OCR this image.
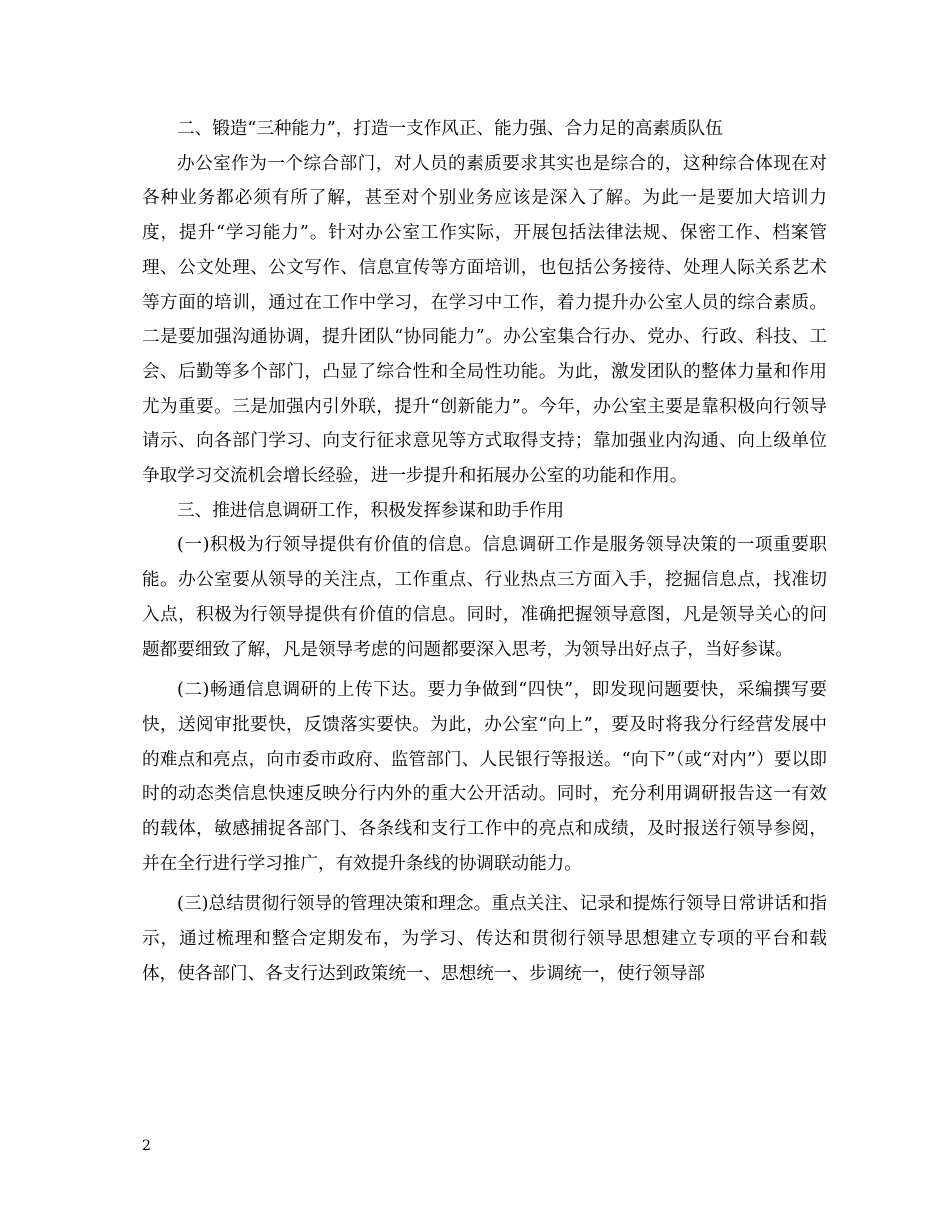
二、锻造“三种能力”，打造一支作风正、能力强、合力足的高素质队伍

办公室作为一个综合部门，对人员的素质要求其实也是综合的，这种综合体现在对各种业务都必须有所了解，甚至对个别业务应该是深入了解。为此一是要加大培训力度，提升“学习能力”。针对办公室工作实际，开展包括法律法规、保密工作、档案管理、公文处理、公文写作、信息宣传等方面培训，也包括公务接待、处理人际关系艺术等方面的培训，通过在工作中学习，在学习中工作，着力提升办公室人员的综合素质。二是要加强沟通协调，提升团队“协同能力”。办公室集合行办、党办、行政、科技、工会、后勤等多个部门，凸显了综合性和全局性功能。为此，激发团队的整体力量和作用尤为重要。三是加强内引外联，提升“创新能力”。今年，办公室主要是靠积极向行领导请示、向各部门学习、向支行征求意见等方式取得支持；靠加强业内沟通、向上级单位争取学习交流机会增长经验，进一步提升和拓展办公室的功能和作用。

三、推进信息调研工作，积极发挥参谋和助手作用

(一)积极为行领导提供有价值的信息。信息调研工作是服务领导决策的一项重要职能。办公室要从领导的关注点，工作重点、行业热点三方面入手，挖掘信息点，找准切入点，积极为行领导提供有价值的信息。同时，准确把握领导意图，凡是领导关心的问题都要细致了解，凡是领导考虑的问题都要深入思考，为领导出好点子，当好参谋。

(二)畅通信息调研的上传下达。要力争做到“四快”，即发现问题要快，采编撰写要快，送阅审批要快，反馈落实要快。为此，办公室“向上”，要及时将我分行经营发展中的难点和亮点，向市委市政府、监管部门、人民银行等报送。“向下”（或“对内”）要以即时的动态类信息快速反映分行内外的重大公开活动。同时，充分利用调研报告这一有效的载体，敏感捕捉各部门、各条线和支行工作中的亮点和成绩，及时报送行领导参阅，并在全行进行学习推广，有效提升条线的协调联动能力。

(三)总结贯彻行领导的管理决策和理念。重点关注、记录和提炼行领导日常讲话和指示，通过梳理和整合定期发布，为学习、传达和贯彻行领导思想建立专项的平台和载体，使各部门、各支行达到政策统一、思想统一、步调统一，使行领导部

2
